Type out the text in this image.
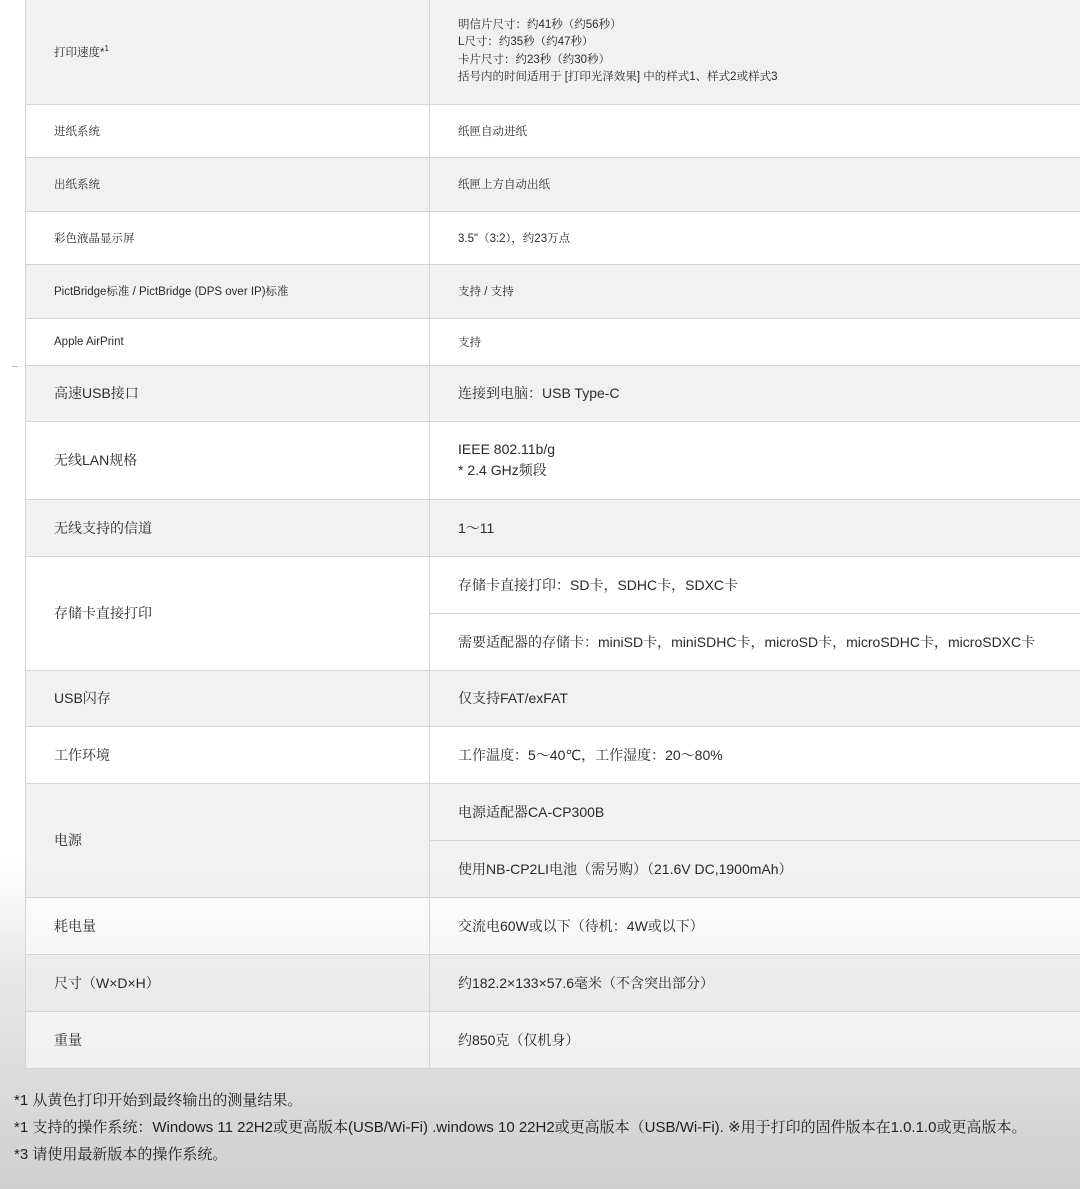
打印速度*$^1$	明信片尺寸：约41秒（约56秒）
L尺寸：约35秒（约47秒）
卡片尺寸：约23秒（约30秒）
括号内的时间适用于 [打印光泽效果] 中的样式1、样式2或样式3

进纸系统	纸匣自动进纸
出纸系统	纸匣上方自动出纸
彩色液晶显示屏	3.5"（3:2），约23万点
PictBridge标准 / PictBridge (DPS over IP)标准	支持 / 支持
Apple AirPrint	支持
高速USB接口	连接到电脑：USB Type-C
无线LAN规格	IEEE 802.11b/g
* 2.4 GHz频段

无线支持的信道	1～11
存储卡直接打印	存储卡直接打印：SD卡，SDHC卡，SDXC卡
	需要适配器的存储卡：miniSD卡，miniSDHC卡，microSD卡，microSDHC卡，microSDXC卡
USB闪存	仅支持FAT/exFAT
工作环境	工作温度：5～40℃，工作湿度：20～80%
电源	电源适配器CA-CP300B
	使用NB-CP2LI电池（需另购）（21.6V DC,1900mAh）
耗电量	交流电60W或以下（待机：4W或以下）
尺寸（W×D×H）	约182.2×133×57.6毫米（不含突出部分）
重量	约850克（仅机身）
*1 从黄色打印开始到最终输出的测量结果。
*1 支持的操作系统：Windows 11 22H2或更高版本(USB/Wi-Fi) .windows 10 22H2或更高版本（USB/Wi-Fi). ※用于打印的固件版本在1.0.1.0或更高版本。
*3 请使用最新版本的操作系统。
